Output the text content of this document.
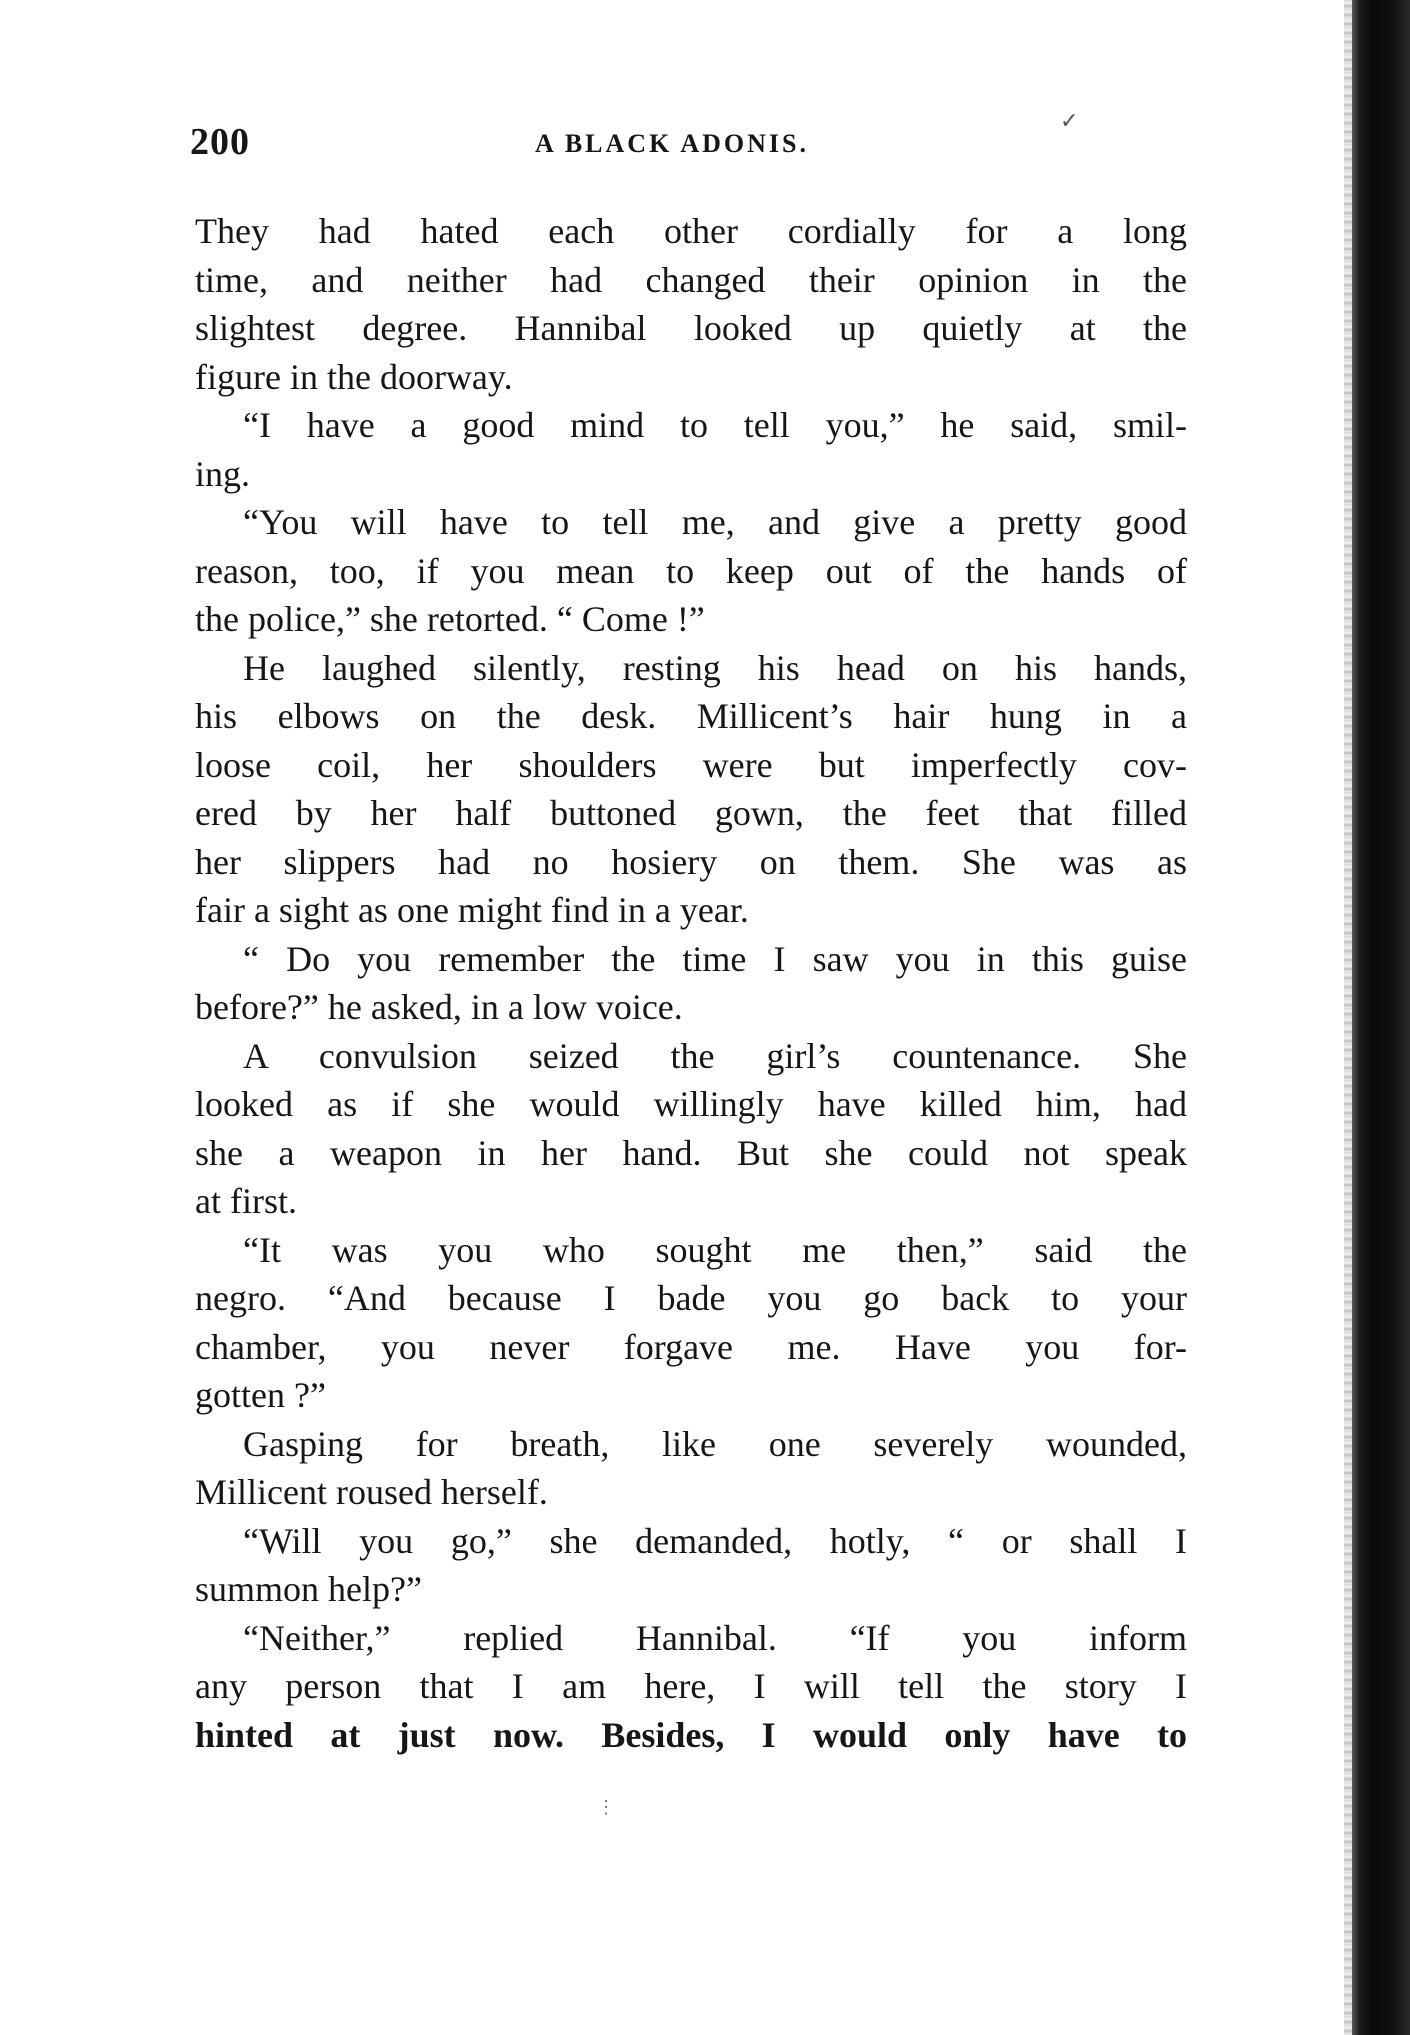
200	A BLACK ADONIS.
✓
They had hated each other cordially for a long
time, and neither had changed their opinion in the
slightest degree. Hannibal looked up quietly at the
figure in the doorway.
“I have a good mind to tell you,” he said, smil-
ing.
“You will have to tell me, and give a pretty good
reason, too, if you mean to keep out of the hands of
the police,” she retorted. “ Come !”
He laughed silently, resting his head on his hands,
his elbows on the desk. Millicent’s hair hung in a
loose coil, her shoulders were but imperfectly cov-
ered by her half buttoned gown, the feet that filled
her slippers had no hosiery on them. She was as
fair a sight as one might find in a year.
“ Do you remember the time I saw you in this guise
before?” he asked, in a low voice.
A convulsion seized the girl’s countenance. She
looked as if she would willingly have killed him, had
she a weapon in her hand. But she could not speak
at first.
“It was you who sought me then,” said the
negro. “And because I bade you go back to your
chamber, you never forgave me. Have you for-
gotten ?”
Gasping for breath, like one severely wounded,
Millicent roused herself.
“Will you go,” she demanded, hotly, “ or shall I
summon help?”
“Neither,” replied Hannibal. “If you inform
any person that I am here, I will tell the story I
hinted at just now. Besides, I would only have to
⋮
